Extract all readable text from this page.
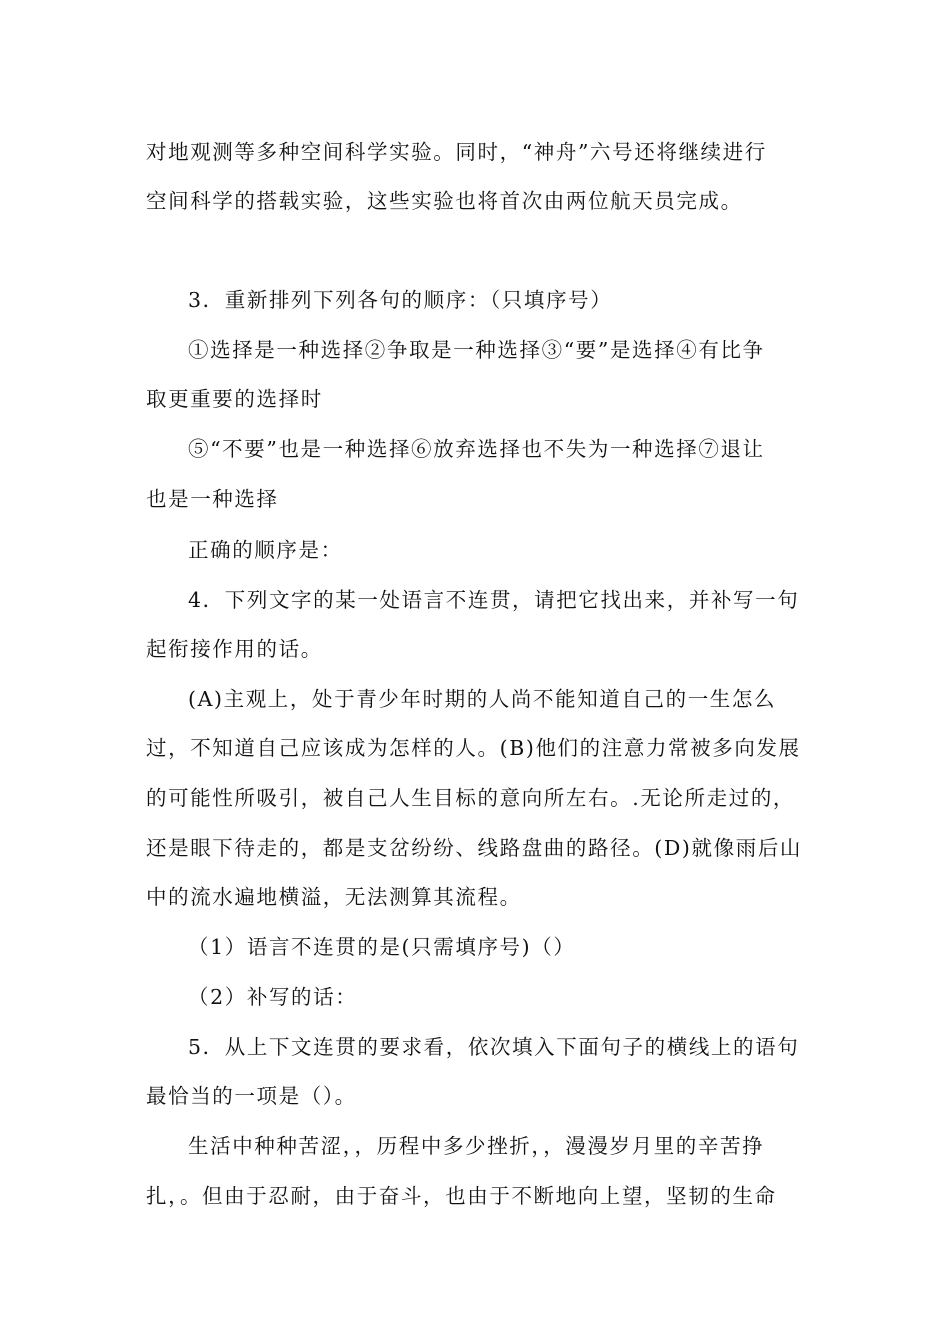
对地观测等多种空间科学实验。同时，“神舟”六号还将继续进行
空间科学的搭载实验，这些实验也将首次由两位航天员完成。
3．重新排列下列各句的顺序：（只填序号）
①选择是一种选择②争取是一种选择③“要”是选择④有比争
取更重要的选择时
⑤“不要”也是一种选择⑥放弃选择也不失为一种选择⑦退让
也是一种选择
正确的顺序是：
4．下列文字的某一处语言不连贯，请把它找出来，并补写一句
起衔接作用的话。
(A)主观上，处于青少年时期的人尚不能知道自己的一生怎么
过，不知道自己应该成为怎样的人。(B)他们的注意力常被多向发展
的可能性所吸引，被自己人生目标的意向所左右。.无论所走过的，
还是眼下待走的，都是支岔纷纷、线路盘曲的路径。(D)就像雨后山
中的流水遍地横溢，无法测算其流程。
（1）语言不连贯的是(只需填序号)（）
（2）补写的话：
5．从上下文连贯的要求看，依次填入下面句子的横线上的语句
最恰当的一项是（）。
生活中种种苦涩，，历程中多少挫折，，漫漫岁月里的辛苦挣
扎，。但由于忍耐，由于奋斗，也由于不断地向上望，坚韧的生命
